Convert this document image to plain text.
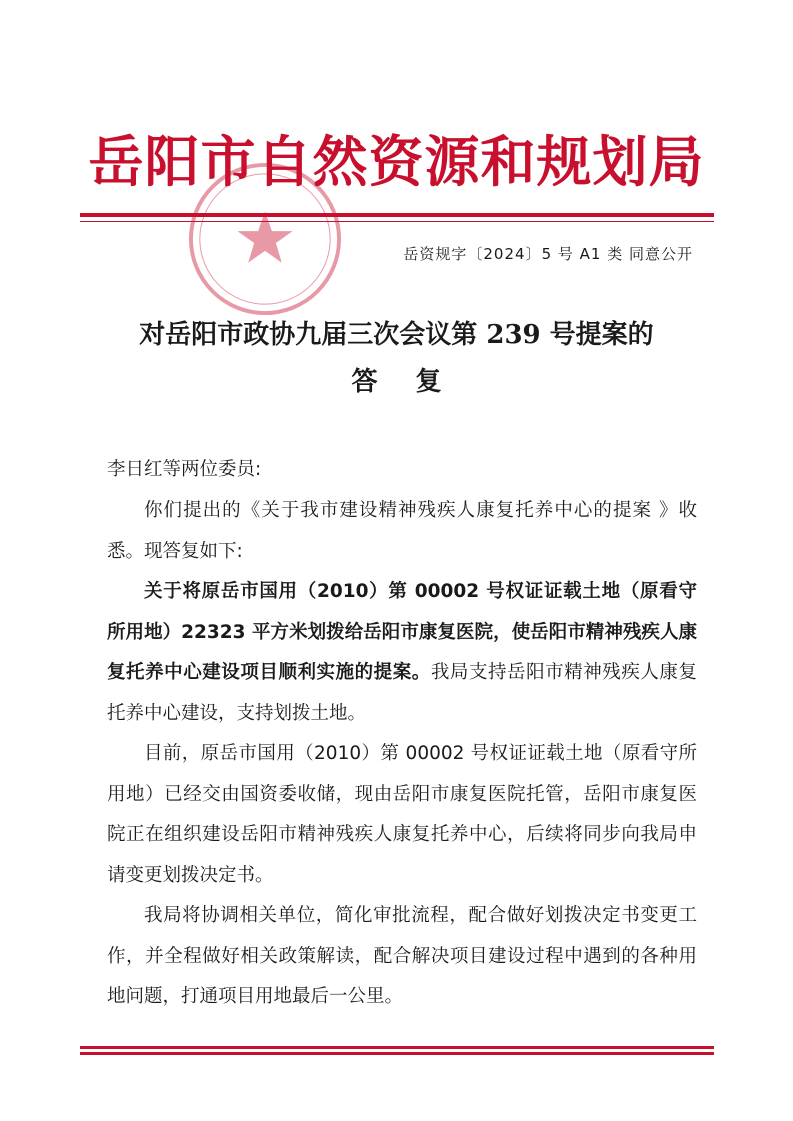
岳阳市自然资源和规划局
岳资规字〔2024〕5 号 A1 类 同意公开
对岳阳市政协九届三次会议第 239 号提案的
答复
李日红等两位委员:
你们提出的《关于我市建设精神残疾人康复托养中心的提案 》收悉。现答复如下:
关于将原岳市国用（2010）第 00002 号权证证载土地（原看守所用地）22323 平方米划拨给岳阳市康复医院，使岳阳市精神残疾人康复托养中心建设项目顺利实施的提案。我局支持岳阳市精神残疾人康复托养中心建设，支持划拨土地。
目前，原岳市国用（2010）第 00002 号权证证载土地（原看守所用地）已经交由国资委收储，现由岳阳市康复医院托管，岳阳市康复医院正在组织建设岳阳市精神残疾人康复托养中心，后续将同步向我局申请变更划拨决定书。
我局将协调相关单位，简化审批流程，配合做好划拨决定书变更工作，并全程做好相关政策解读，配合解决项目建设过程中遇到的各种用地问题，打通项目用地最后一公里。
